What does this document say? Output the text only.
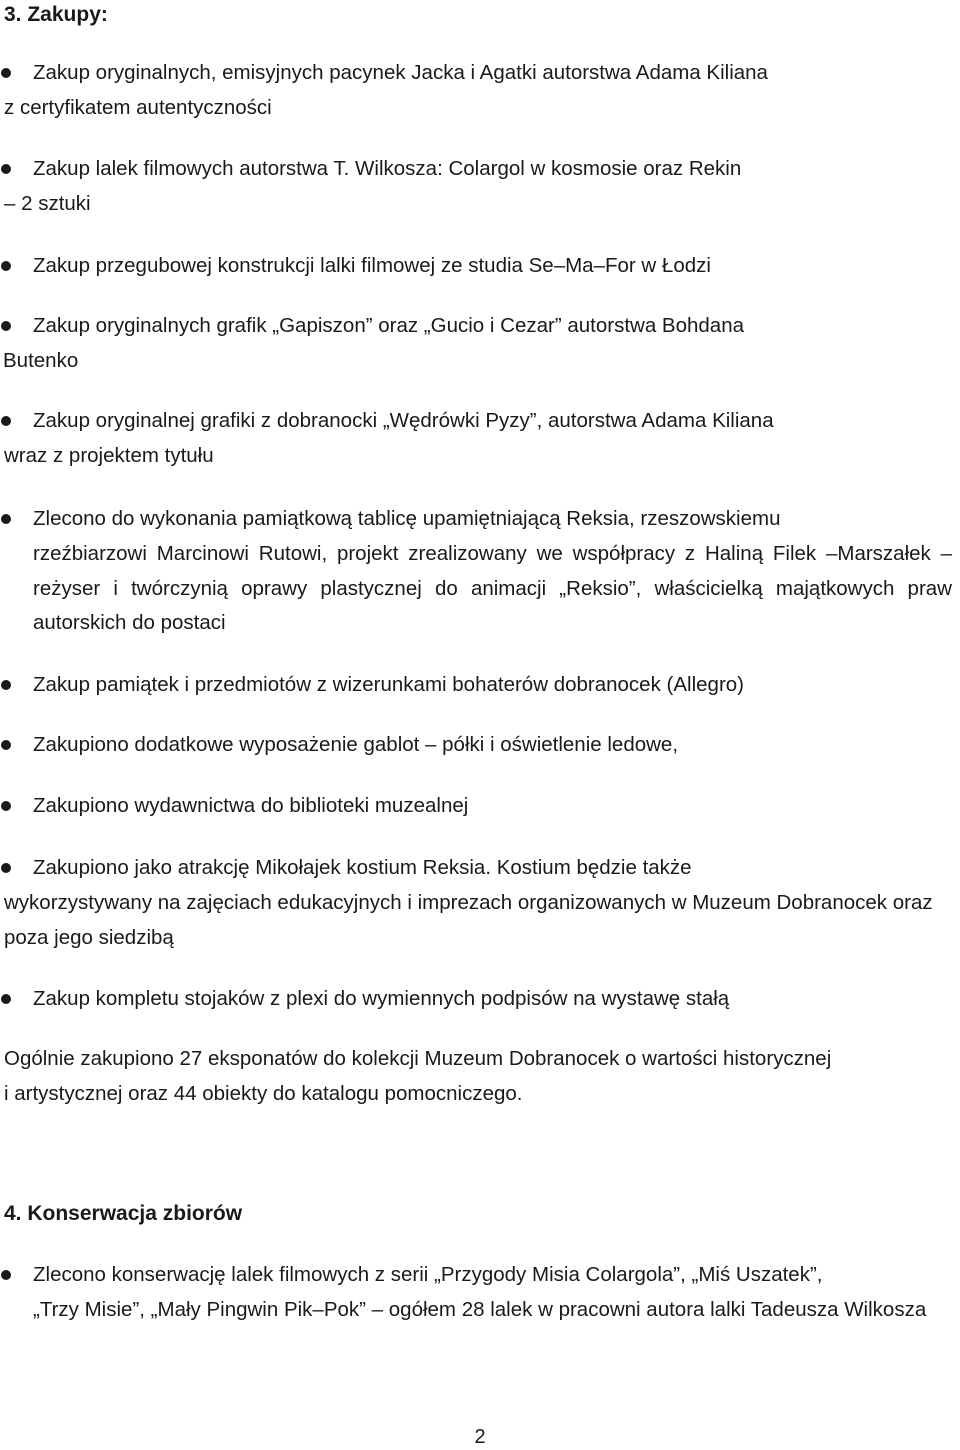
3. Zakupy:
Zakup oryginalnych, emisyjnych pacynek Jacka i Agatki autorstwa Adama Kiliana
z certyfikatem autentyczności
Zakup lalek filmowych autorstwa T. Wilkosza: Colargol w kosmosie oraz Rekin
– 2 sztuki
Zakup przegubowej konstrukcji lalki filmowej ze studia Se–Ma–For w Łodzi
Zakup oryginalnych grafik „Gapiszon” oraz „Gucio i Cezar” autorstwa Bohdana
Butenko
Zakup oryginalnej grafiki z dobranocki „Wędrówki Pyzy”, autorstwa Adama Kiliana
wraz z projektem tytułu
Zlecono do wykonania pamiątkową tablicę upamiętniającą Reksia, rzeszowskiemu
rzeźbiarzowi Marcinowi Rutowi, projekt zrealizowany we współpracy z Haliną Filek –Marszałek – reżyser i twórczynią oprawy plastycznej do animacji „Reksio”, właścicielką majątkowych praw autorskich do postaci
Zakup pamiątek i przedmiotów z wizerunkami bohaterów dobranocek (Allegro)
Zakupiono dodatkowe wyposażenie gablot – półki i oświetlenie ledowe,
Zakupiono wydawnictwa do biblioteki muzealnej
Zakupiono jako atrakcję Mikołajek kostium Reksia. Kostium będzie także
wykorzystywany na zajęciach edukacyjnych i imprezach organizowanych w Muzeum Dobranocek oraz poza jego siedzibą
Zakup kompletu stojaków z plexi do wymiennych podpisów na wystawę stałą
Ogólnie zakupiono 27 eksponatów do kolekcji Muzeum Dobranocek o wartości historycznej
i artystycznej oraz 44 obiekty do katalogu pomocniczego.
4. Konserwacja zbiorów
Zlecono konserwację lalek filmowych z serii „Przygody Misia Colargola”, „Miś Uszatek”,
„Trzy Misie”, „Mały Pingwin Pik–Pok” – ogółem 28 lalek w pracowni autora lalki Tadeusza Wilkosza
2
